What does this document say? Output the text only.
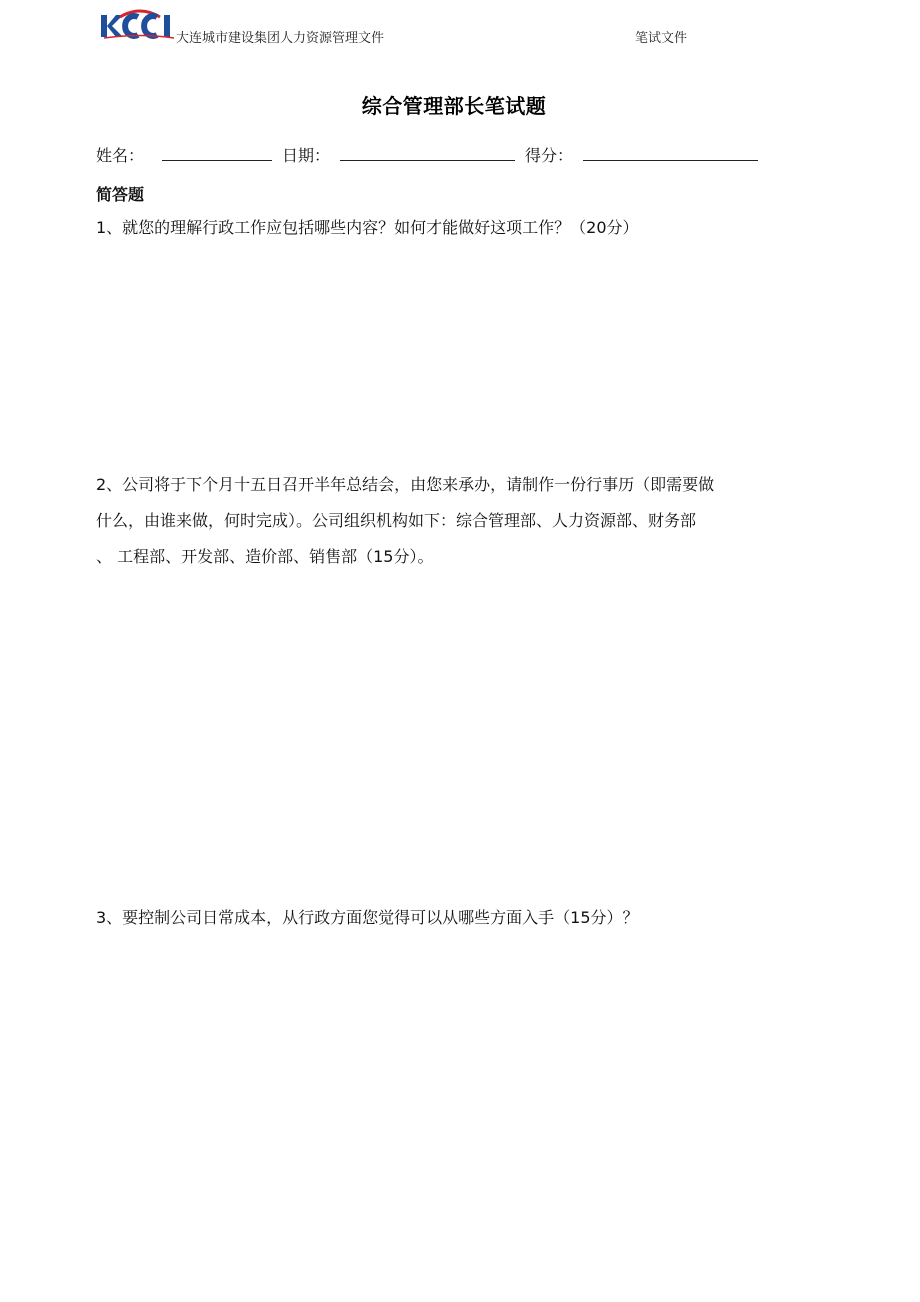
大连城市建设集团人力资源管理文件	笔试文件
综合管理部长笔试题
姓名：	日期：	得分：
简答题
1、就您的理解行政工作应包括哪些内容？如何才能做好这项工作？（20分）
2、公司将于下个月十五日召开半年总结会，由您来承办，请制作一份行事历（即需要做
什么，由谁来做，何时完成）。公司组织机构如下：综合管理部、人力资源部、财务部
、 工程部、开发部、造价部、销售部（15分）。
3、要控制公司日常成本，从行政方面您觉得可以从哪些方面入手（15分）？
